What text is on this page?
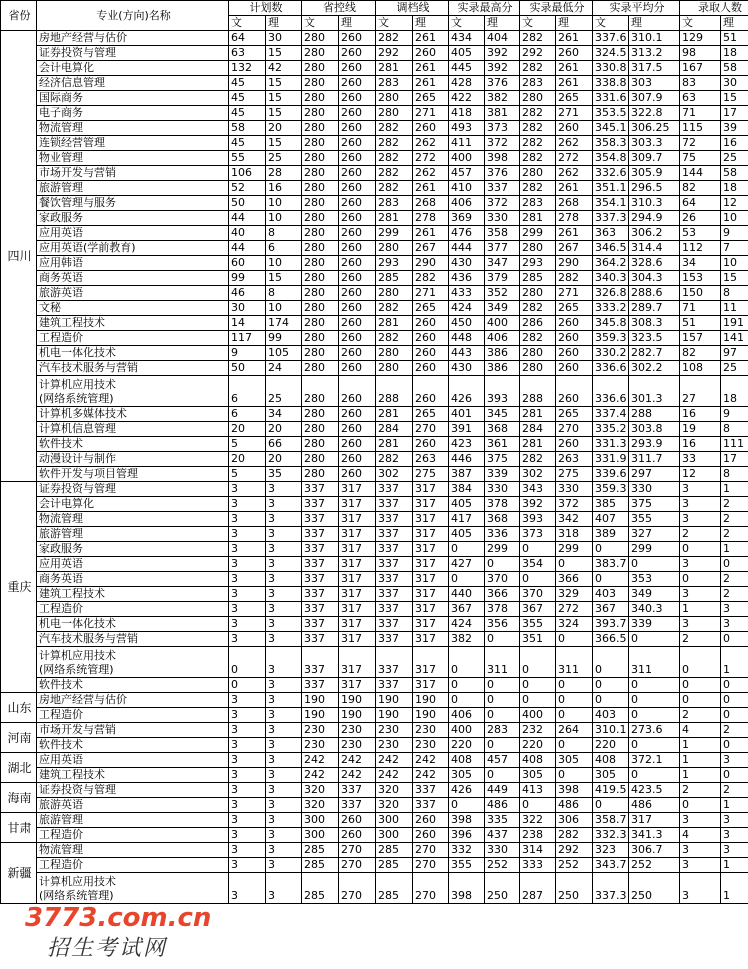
省份	专业(方向)名称	计划数		省控线		调档线		实录最高分		实录最低分		实录平均分		录取人数	
		文	理	文	理	文	理	文	理	文	理	文	理	文	理
四川	房地产经营与估价	64	30	280	260	282	261	434	404	282	261	337.6	310.1	129	51
	证券投资与管理	63	15	280	260	292	260	405	392	292	260	324.5	313.2	98	18
	会计电算化	132	42	280	260	281	261	445	392	282	261	330.8	317.5	167	58
	经济信息管理	45	15	280	260	283	261	428	376	283	261	338.8	303	83	30
	国际商务	45	15	280	260	280	265	422	382	280	265	331.6	307.9	63	15
	电子商务	45	15	280	260	280	271	418	381	282	271	353.5	322.8	71	17
	物流管理	58	20	280	260	282	260	493	373	282	260	345.1	306.25	115	39
	连锁经营管理	45	15	280	260	282	262	411	372	282	262	358.3	303.3	72	16
	物业管理	55	25	280	260	282	272	400	398	282	272	354.8	309.7	75	25
	市场开发与营销	106	28	280	260	282	262	457	376	280	262	332.6	305.9	144	58
	旅游管理	52	16	280	260	282	261	410	337	282	261	351.1	296.5	82	18
	餐饮管理与服务	50	10	280	260	283	268	406	372	283	268	354.1	310.3	64	12
	家政服务	44	10	280	260	281	278	369	330	281	278	337.3	294.9	26	10
	应用英语	40	8	280	260	299	261	476	358	299	261	363	306.2	53	9
	应用英语(学前教育)	44	6	280	260	280	267	444	377	280	267	346.5	314.4	112	7
	应用韩语	60	10	280	260	293	290	430	347	293	290	364.2	328.6	34	10
	商务英语	99	15	280	260	285	282	436	379	285	282	340.3	304.3	153	15
	旅游英语	46	8	280	260	280	271	433	352	280	271	326.8	288.6	150	8
	文秘	30	10	280	260	282	265	424	349	282	265	333.2	289.7	71	11
	建筑工程技术	14	174	280	260	281	260	450	400	286	260	345.8	308.3	51	191
	工程造价	117	99	280	260	282	260	448	406	282	260	359.3	323.5	157	141
	机电一体化技术	9	105	280	260	280	260	443	386	280	260	330.2	282.7	82	97
	汽车技术服务与营销	50	24	280	260	280	260	430	386	280	260	336.6	302.2	108	25
	计算机应用技术
(网络系统管理)	6	25	280	260	288	260	426	393	288	260	336.6	301.3	27	18
	计算机多媒体技术	6	34	280	260	281	265	401	345	281	265	337.4	288	16	9
	计算机信息管理	20	20	280	260	284	270	391	368	284	270	335.2	303.8	19	8
	软件技术	5	66	280	260	281	260	423	361	281	260	331.3	293.9	16	111
	动漫设计与制作	20	20	280	260	282	263	446	375	282	263	331.9	311.7	33	17
	软件开发与项目管理	5	35	280	260	302	275	387	339	302	275	339.6	297	12	8
重庆	证券投资与管理	3	3	337	317	337	317	384	330	343	330	359.3	330	3	1
	会计电算化	3	3	337	317	337	317	405	378	392	372	385	375	3	2
	物流管理	3	3	337	317	337	317	417	368	393	342	407	355	3	2
	旅游管理	3	3	337	317	337	317	405	336	373	318	389	327	2	2
	家政服务	3	3	337	317	337	317	0	299	0	299	0	299	0	1
	应用英语	3	3	337	317	337	317	427	0	354	0	383.7	0	3	0
	商务英语	3	3	337	317	337	317	0	370	0	366	0	353	0	2
	建筑工程技术	3	3	337	317	337	317	440	366	370	329	403	349	3	2
	工程造价	3	3	337	317	337	317	367	378	367	272	367	340.3	1	3
	机电一体化技术	3	3	337	317	337	317	424	356	355	324	393.7	339	3	3
	汽车技术服务与营销	3	3	337	317	337	317	382	0	351	0	366.5	0	2	0
	计算机应用技术
(网络系统管理)	0	3	337	317	337	317	0	311	0	311	0	311	0	1
	软件技术	0	3	337	317	337	317	0	0	0	0	0	0	0	0
山东	房地产经营与估价	3	3	190	190	190	190	0	0	0	0	0	0	0	0
	工程造价	3	3	190	190	190	190	406	0	400	0	403	0	2	0
河南	市场开发与营销	3	3	230	230	230	230	400	283	232	264	310.1	273.6	4	2
	软件技术	3	3	230	230	230	230	220	0	220	0	220	0	1	0
湖北	应用英语	3	3	242	242	242	242	408	457	408	305	408	372.1	1	3
	建筑工程技术	3	3	242	242	242	242	305	0	305	0	305	0	1	0
海南	证券投资与管理	3	3	320	337	320	337	426	449	413	398	419.5	423.5	2	2
	旅游英语	3	3	320	337	320	337	0	486	0	486	0	486	0	1
甘肃	旅游管理	3	3	300	260	300	260	398	335	322	306	358.7	317	3	3
	工程造价	3	3	300	260	300	260	396	437	238	282	332.3	341.3	4	3
新疆	物流管理	3	3	285	270	285	270	332	330	314	292	323	306.7	3	3
	工程造价	3	3	285	270	285	270	355	252	333	252	343.7	252	3	1
	计算机应用技术
(网络系统管理)	3	3	285	270	285	270	398	250	287	250	337.3	250	3	1
3773.com.cn
招生考试网
